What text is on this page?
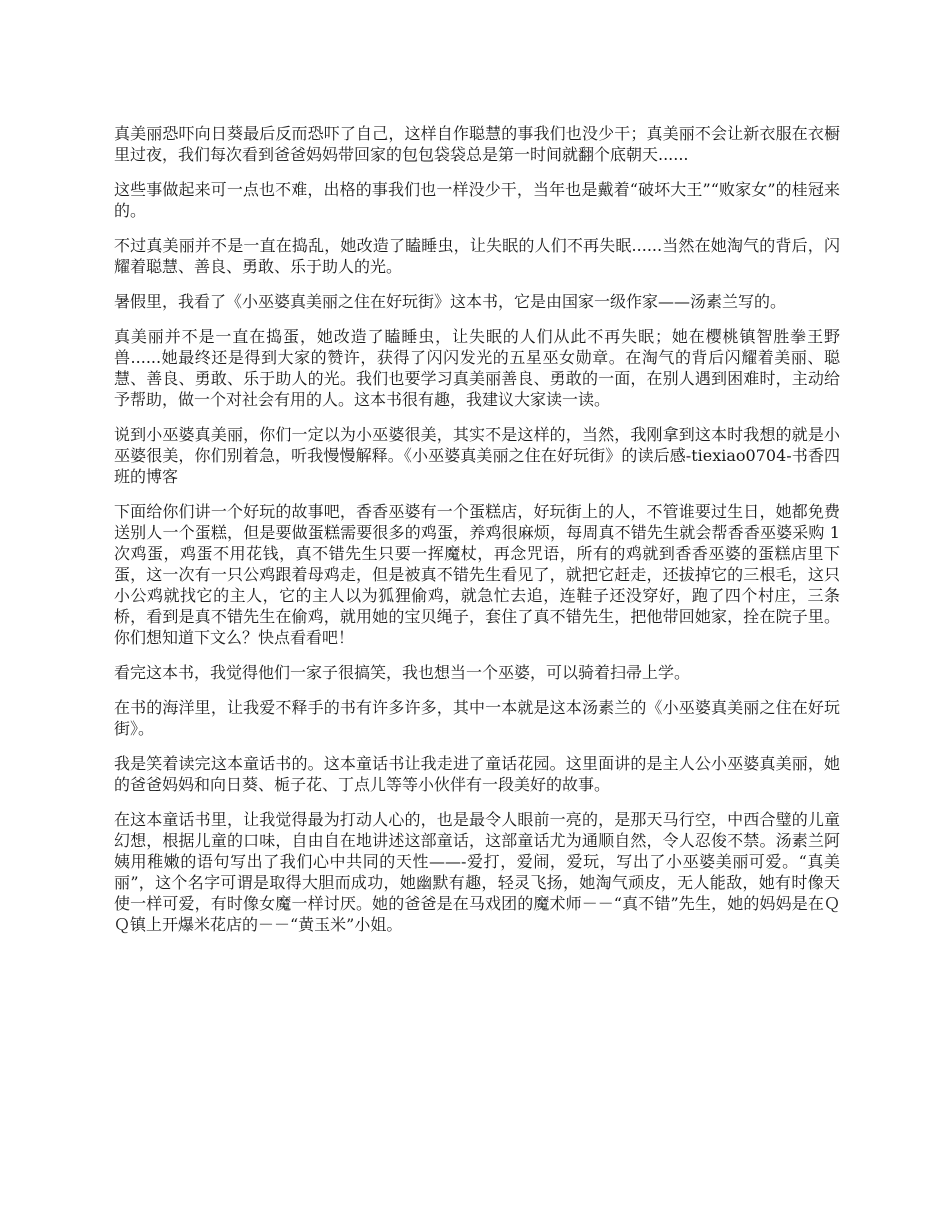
真美丽恐吓向日葵最后反而恐吓了自己，这样自作聪慧的事我们也没少干；真美丽不会让新衣服在衣橱里过夜，我们每次看到爸爸妈妈带回家的包包袋袋总是第一时间就翻个底朝天......

这些事做起来可一点也不难，出格的事我们也一样没少干，当年也是戴着“破坏大王”“败家女”的桂冠来的。

不过真美丽并不是一直在捣乱，她改造了瞌睡虫，让失眠的人们不再失眠......当然在她淘气的背后，闪耀着聪慧、善良、勇敢、乐于助人的光。

暑假里，我看了《小巫婆真美丽之住在好玩街》这本书，它是由国家一级作家——汤素兰写的。

真美丽并不是一直在捣蛋，她改造了瞌睡虫，让失眠的人们从此不再失眠；她在樱桃镇智胜拳王野兽......她最终还是得到大家的赞许，获得了闪闪发光的五星巫女勋章。在淘气的背后闪耀着美丽、聪慧、善良、勇敢、乐于助人的光。我们也要学习真美丽善良、勇敢的一面，在别人遇到困难时，主动给予帮助，做一个对社会有用的人。这本书很有趣，我建议大家读一读。

说到小巫婆真美丽，你们一定以为小巫婆很美，其实不是这样的，当然，我刚拿到这本时我想的就是小巫婆很美，你们别着急，听我慢慢解释。《小巫婆真美丽之住在好玩街》的读后感-tiexiao0704-书香四班的博客

下面给你们讲一个好玩的故事吧，香香巫婆有一个蛋糕店，好玩街上的人，不管谁要过生日，她都免费送别人一个蛋糕，但是要做蛋糕需要很多的鸡蛋，养鸡很麻烦，每周真不错先生就会帮香香巫婆采购 1 次鸡蛋，鸡蛋不用花钱，真不错先生只要一挥魔杖，再念咒语，所有的鸡就到香香巫婆的蛋糕店里下蛋，这一次有一只公鸡跟着母鸡走，但是被真不错先生看见了，就把它赶走，还拔掉它的三根毛，这只小公鸡就找它的主人，它的主人以为狐狸偷鸡，就急忙去追，连鞋子还没穿好，跑了四个村庄，三条桥，看到是真不错先生在偷鸡，就用她的宝贝绳子，套住了真不错先生，把他带回她家，拴在院子里。你们想知道下文么？快点看看吧！

看完这本书，我觉得他们一家子很搞笑，我也想当一个巫婆，可以骑着扫帚上学。

在书的海洋里，让我爱不释手的书有许多许多，其中一本就是这本汤素兰的《小巫婆真美丽之住在好玩街》。

我是笑着读完这本童话书的。这本童话书让我走进了童话花园。这里面讲的是主人公小巫婆真美丽，她的爸爸妈妈和向日葵、栀子花、丁点儿等等小伙伴有一段美好的故事。

在这本童话书里，让我觉得最为打动人心的，也是最令人眼前一亮的，是那天马行空，中西合璧的儿童幻想，根据儿童的口味，自由自在地讲述这部童话，这部童话尤为通顺自然，令人忍俊不禁。汤素兰阿姨用稚嫩的语句写出了我们心中共同的天性——-爱打，爱闹，爱玩，写出了小巫婆美丽可爱。“真美丽”，这个名字可谓是取得大胆而成功，她幽默有趣，轻灵飞扬，她淘气顽皮，无人能敌，她有时像天使一样可爱，有时像女魔一样讨厌。她的爸爸是在马戏团的魔术师－－“真不错”先生，她的妈妈是在ＱＱ镇上开爆米花店的－－“黄玉米”小姐。
